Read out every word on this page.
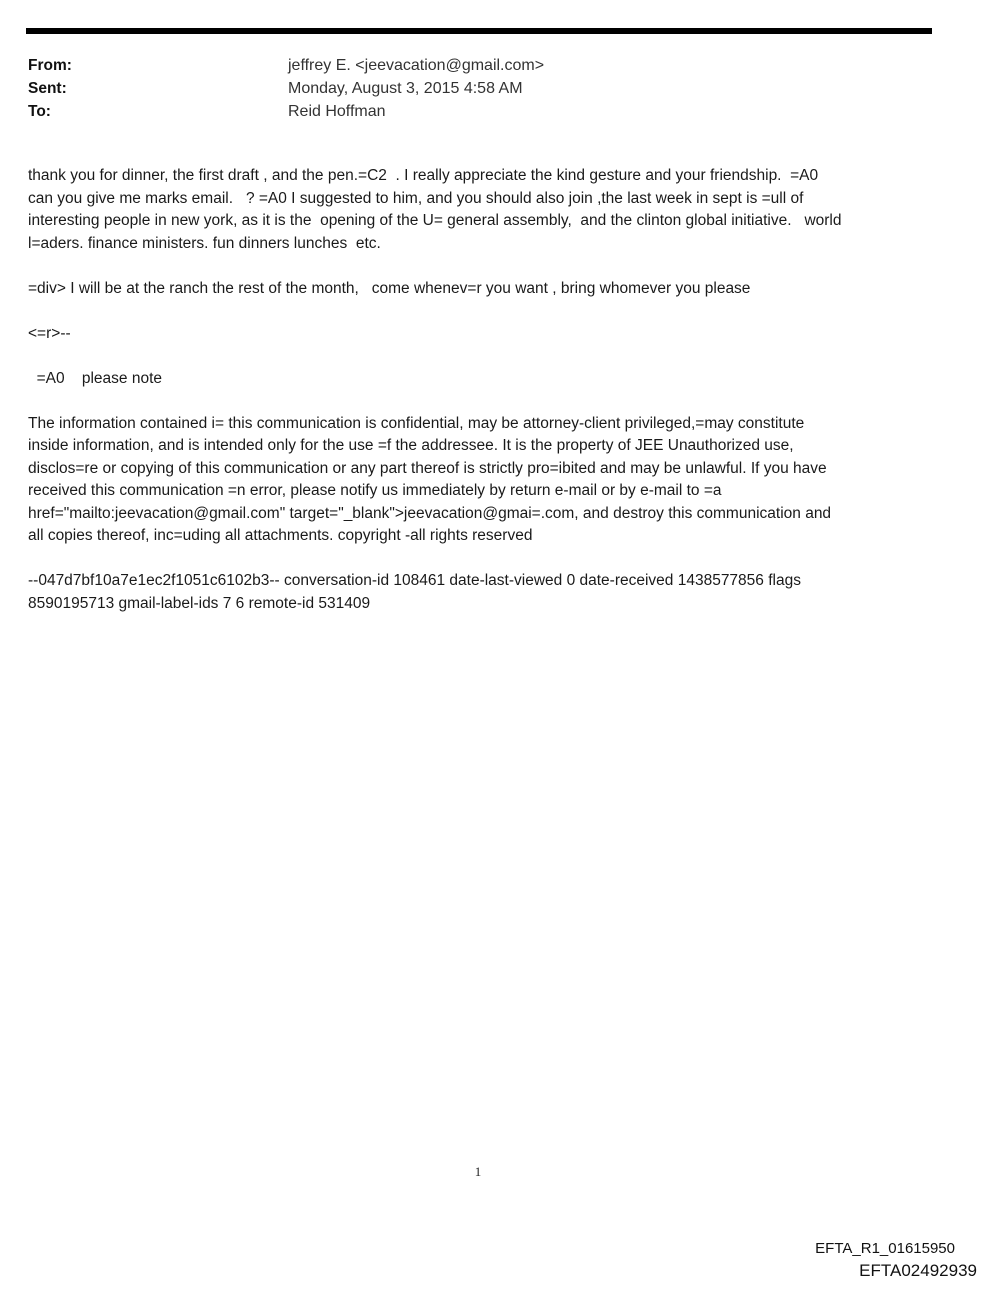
From:	jeffrey E. <jeevacation@gmail.com>
Sent:	Monday, August 3, 2015 4:58 AM
To:	Reid Hoffman

thank you for dinner, the first draft , and the pen.=C2  . I really appreciate the kind gesture and your friendship.  =A0
can you give me marks email.   ? =A0 I suggested to him, and you should also join ,the last week in sept is =ull of
interesting people in new york, as it is the  opening of the U= general assembly,  and the clinton global initiative.   world
l=aders. finance ministers. fun dinners lunches  etc.

=div> I will be at the ranch the rest of the month,   come whenev=r you want , bring whomever you please

<=r>--

=A0    please note

The information contained i= this communication is confidential, may be attorney-client privileged,=may constitute
inside information, and is intended only for the use =f the addressee. It is the property of JEE Unauthorized use,
disclos=re or copying of this communication or any part thereof is strictly pro=ibited and may be unlawful. If you have
received this communication =n error, please notify us immediately by return e-mail or by e-mail to =a
href="mailto:jeevacation@gmail.com" target="_blank">jeevacation@gmai=.com, and destroy this communication and
all copies thereof, inc=uding all attachments. copyright -all rights reserved

--047d7bf10a7e1ec2f1051c6102b3-- conversation-id 108461 date-last-viewed 0 date-received 1438577856 flags
8590195713 gmail-label-ids 7 6 remote-id 531409

1
EFTA_R1_01615950
EFTA02492939
